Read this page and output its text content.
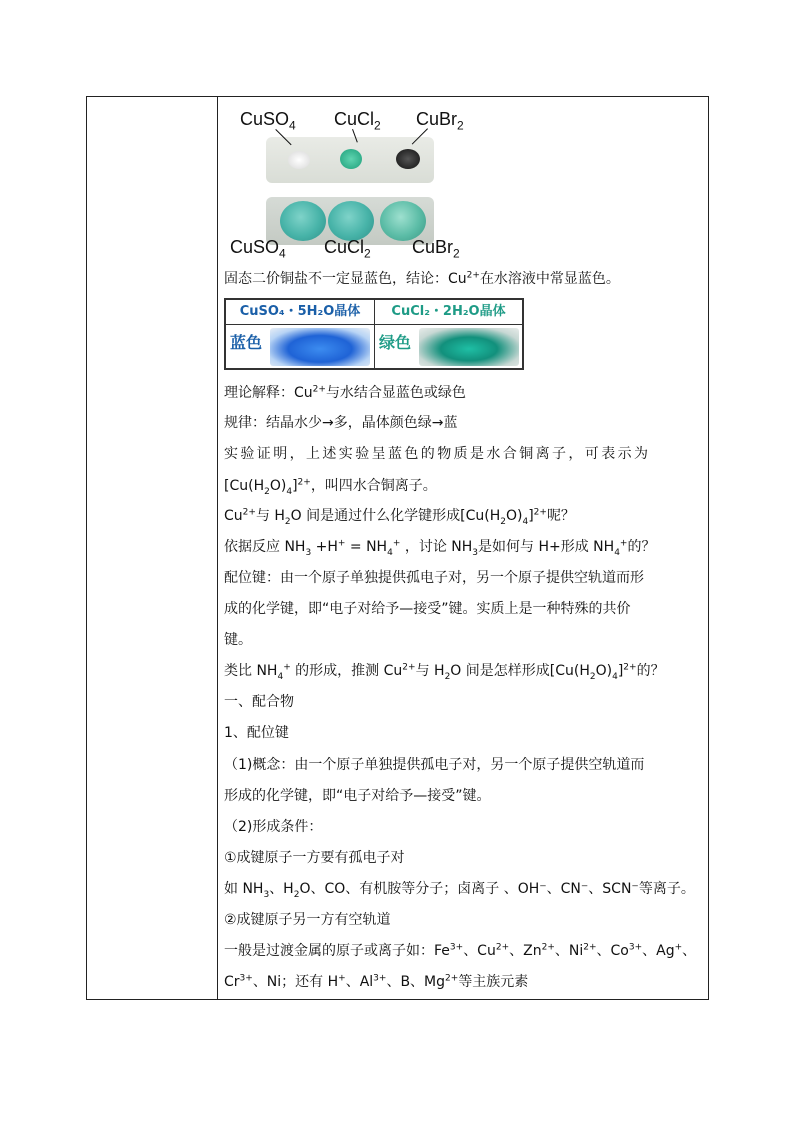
CuSO$_4$ CuCl$_2$ CuBr$_2$
CuSO$_4$ CuCl$_2$ CuBr$_2$
固态二价铜盐不一定显蓝色，结论：$Cu^{2+}$在水溶液中常显蓝色。
CuSO₄・5H₂O晶体	CuCl₂・2H₂O晶体
蓝色	绿色
理论解释：$Cu^{2+}$与水结合显蓝色或绿色
规律：结晶水少→多，晶体颜色绿→蓝
实验证明，上述实验呈蓝色的物质是水合铜离子，可表示为
$[Cu(H_2O)_4]^{2+}$，叫四水合铜离子。
$Cu^{2+}$与 $H_2O$ 间是通过什么化学键形成$[Cu(H_2O)_4]^{2+}$呢？
依据反应 $NH_3 +H^+ = NH_4^+$ ，讨论 $NH_3$是如何与 H+形成 $NH_4^+$的？
配位键：由一个原子单独提供孤电子对，另一个原子提供空轨道而形
成的化学键，即“电子对给予—接受”键。实质上是一种特殊的共价
键。
类比 $NH_4^+$ 的形成，推测 $Cu^{2+}$与 $H_2O$ 间是怎样形成$[Cu(H_2O)_4]^{2+}$的？
一、配合物
1、配位键
（1)概念：由一个原子单独提供孤电子对，另一个原子提供空轨道而
形成的化学键，即“电子对给予—接受”键。
（2)形成条件：
①成键原子一方要有孤电子对
如 $NH_3$、$H_2O$、CO、有机胺等分子；卤离子 、OH⁻、CN⁻、SCN⁻等离子。
②成键原子另一方有空轨道
一般是过渡金属的原子或离子如：$Fe^{3+}$、$Cu^{2+}$、$Zn^{2+}$、$Ni^{2+}$、$Co^{3+}$、Ag+、
$Cr^{3+}$、Ni；还有 H+、$Al^{3+}$、B、$Mg^{2+}$等主族元素
